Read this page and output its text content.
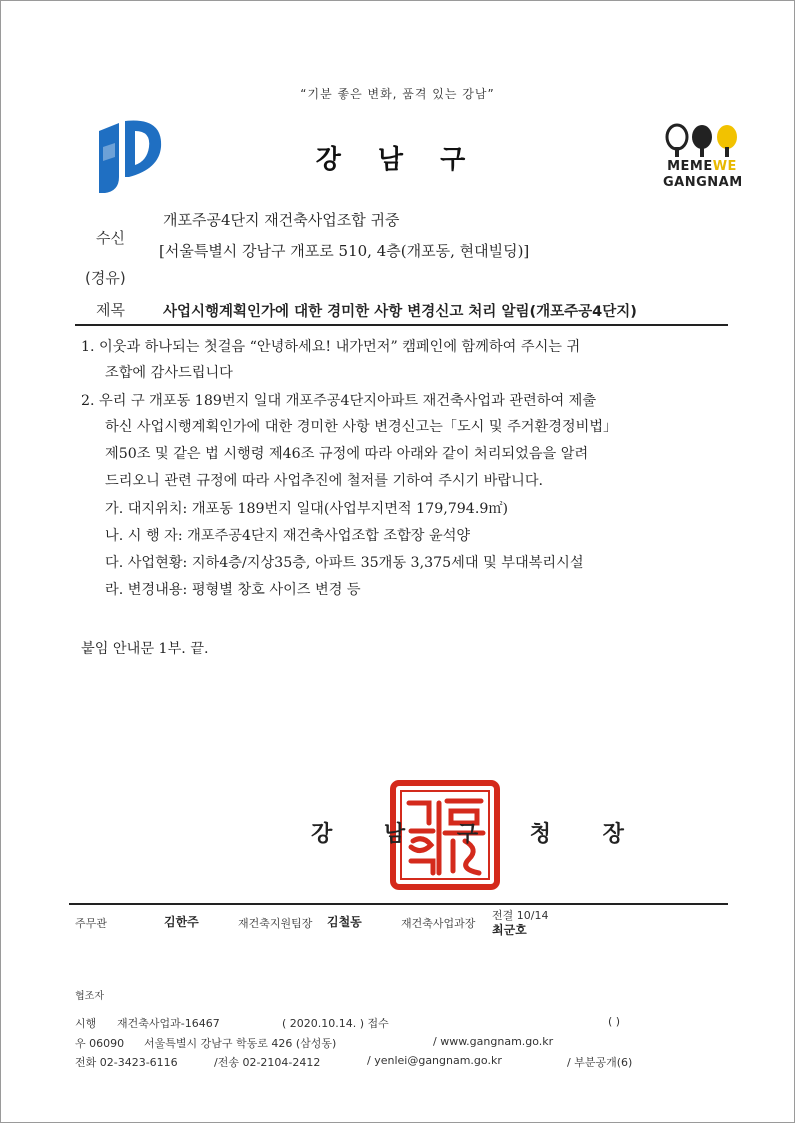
“기분 좋은 변화, 품격 있는 강남”
강 남 구	MEMEWE
GANGNAM
수신
개포주공4단지 재건축사업조합 귀중
[서울특별시 강남구 개포로 510, 4층(개포동, 현대빌딩)]
(경유)
제목	사업시행계획인가에 대한 경미한 사항 변경신고 처리 알림(개포주공4단지)
1. 이웃과 하나되는 첫걸음 “안녕하세요! 내가먼저” 캠페인에 함께하여 주시는 귀
조합에 감사드립니다
2. 우리 구 개포동 189번지 일대 개포주공4단지아파트 재건축사업과 관련하여 제출
하신 사업시행계획인가에 대한 경미한 사항 변경신고는「도시 및 주거환경정비법」
제50조 및 같은 법 시행령 제46조 규정에 따라 아래와 같이 처리되었음을 알려
드리오니 관련 규정에 따라 사업추진에 철저를 기하여 주시기 바랍니다.
가. 대지위치: 개포동 189번지 일대(사업부지면적 179,794.9㎡)
나. 시 행 자: 개포주공4단지 재건축사업조합 조합장 윤석양
다. 사업현황: 지하4층/지상35층, 아파트 35개동 3,375세대 및 부대복리시설
라. 변경내용: 평형별 창호 사이즈 변경 등
붙임 안내문 1부. 끝.
강 남 구 청 장
주무관	김한주	재건축지원팀장 김철동	재건축사업과장
전결 10/14
최군호
협조자
시행 재건축사업과-16467	( 2020.10.14. ) 접수	( )
우 06090 서울특별시 강남구 학동로 426 (삼성동)	/ www.gangnam.go.kr
전화 02-3423-6116	/전송 02-2104-2412	/ yenlei@gangnam.go.kr	/ 부분공개(6)
